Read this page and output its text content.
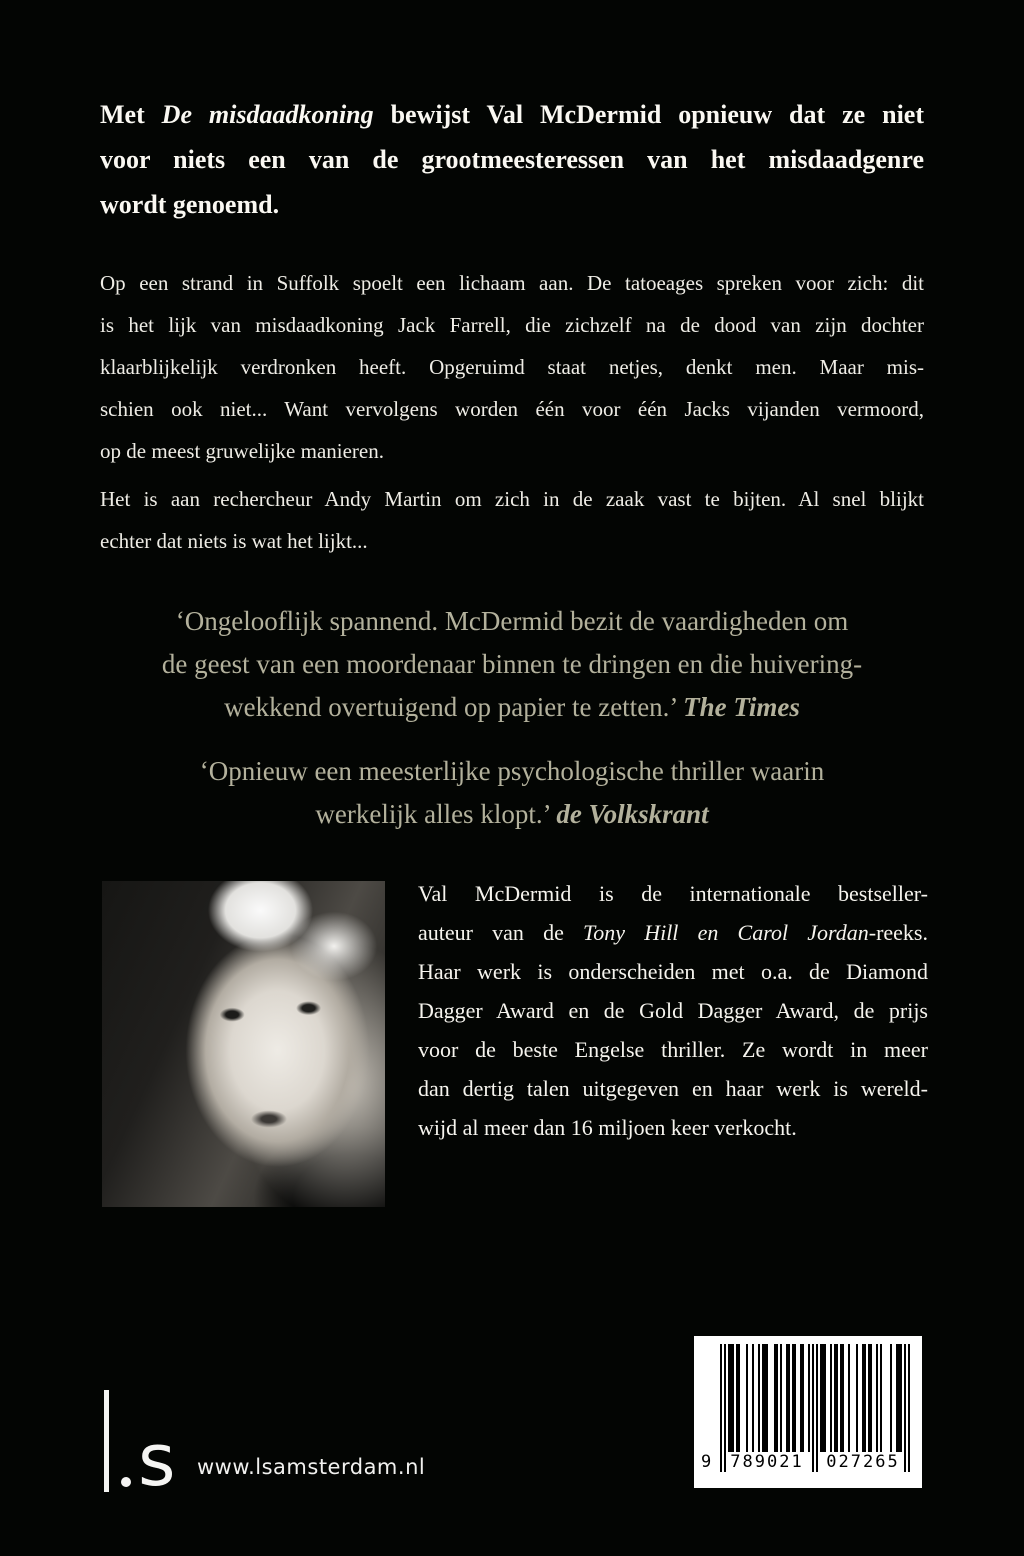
Met De misdaadkoning bewijst Val McDermid opnieuw dat ze niet
voor niets een van de grootmeesteressen van het misdaadgenre
wordt genoemd.
Op een strand in Suffolk spoelt een lichaam aan. De tatoeages spreken voor zich: dit
is het lijk van misdaadkoning Jack Farrell, die zichzelf na de dood van zijn dochter
klaarblijkelijk verdronken heeft. Opgeruimd staat netjes, denkt men. Maar mis-
schien ook niet... Want vervolgens worden één voor één Jacks vijanden vermoord,
op de meest gruwelijke manieren.
Het is aan rechercheur Andy Martin om zich in de zaak vast te bijten. Al snel blijkt
echter dat niets is wat het lijkt...
‘Ongelooflijk spannend. McDermid bezit de vaardigheden om
de geest van een moordenaar binnen te dringen en die huivering-
wekkend overtuigend op papier te zetten.’ The Times
‘Opnieuw een meesterlijke psychologische thriller waarin
werkelijk alles klopt.’ de Volkskrant
Val McDermid is de internationale bestseller-
auteur van de Tony Hill en Carol Jordan-reeks.
Haar werk is onderscheiden met o.a. de Diamond
Dagger Award en de Gold Dagger Award, de prijs
voor de beste Engelse thriller. Ze wordt in meer
dan dertig talen uitgegeven en haar werk is wereld-
wijd al meer dan 16 miljoen keer verkocht.
s www.lsamsterdam.nl	9 789021 027265
